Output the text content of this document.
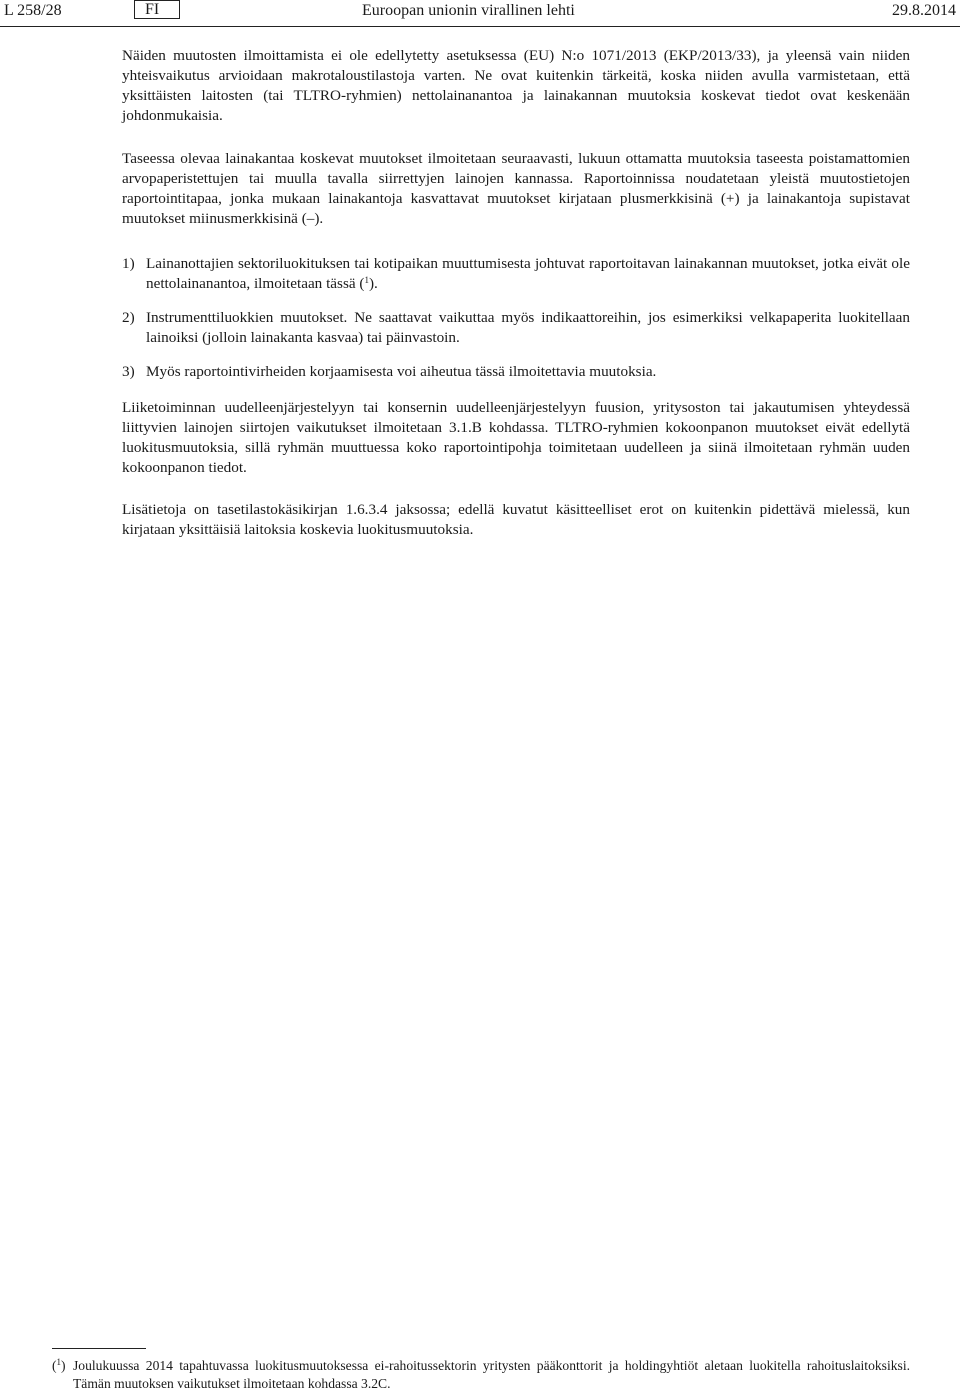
L 258/28	FI	Euroopan unionin virallinen lehti	29.8.2014
Näiden muutosten ilmoittamista ei ole edellytetty asetuksessa (EU) N:o 1071/2013 (EKP/2013/33), ja yleensä vain niiden yhteisvaikutus arvioidaan makrotaloustilastoja varten. Ne ovat kuitenkin tärkeitä, koska niiden avulla varmistetaan, että yksittäisten laitosten (tai TLTRO-ryhmien) nettolainanantoa ja lainakannan muutoksia koskevat tiedot ovat keskenään johdonmukaisia.
Taseessa olevaa lainakantaa koskevat muutokset ilmoitetaan seuraavasti, lukuun ottamatta muutoksia taseesta poistamattomien arvopaperistettujen tai muulla tavalla siirrettyjen lainojen kannassa. Raportoinnissa noudatetaan yleistä muutostietojen raportointitapaa, jonka mukaan lainakantoja kasvattavat muutokset kirjataan plusmerkkisinä (+) ja lainakantoja supistavat muutokset miinusmerkkisinä (–).
1) Lainanottajien sektoriluokituksen tai kotipaikan muuttumisesta johtuvat raportoitavan lainakannan muutokset, jotka eivät ole nettolainanantoa, ilmoitetaan tässä ($^1$).
2) Instrumenttiluokkien muutokset. Ne saattavat vaikuttaa myös indikaattoreihin, jos esimerkiksi velkapaperita luokitellaan lainoiksi (jolloin lainakanta kasvaa) tai päinvastoin.
3) Myös raportointivirheiden korjaamisesta voi aiheutua tässä ilmoitettavia muutoksia.
Liiketoiminnan uudelleenjärjestelyyn tai konsernin uudelleenjärjestelyyn fuusion, yritysoston tai jakautumisen yhteydessä liittyvien lainojen siirtojen vaikutukset ilmoitetaan 3.1.B kohdassa. TLTRO-ryhmien kokoonpanon muutokset eivät edellytä luokitusmuutoksia, sillä ryhmän muuttuessa koko raportointipohja toimitetaan uudelleen ja siinä ilmoitetaan ryhmän uuden kokoonpanon tiedot.
Lisätietoja on tasetilastokäsikirjan 1.6.3.4 jaksossa; edellä kuvatut käsitteelliset erot on kuitenkin pidettävä mielessä, kun kirjataan yksittäisiä laitoksia koskevia luokitusmuutoksia.
($^1$) Joulukuussa 2014 tapahtuvassa luokitusmuutoksessa ei-rahoitussektorin yritysten pääkonttorit ja holdingyhtiöt aletaan luokitella rahoituslaitoksiksi. Tämän muutoksen vaikutukset ilmoitetaan kohdassa 3.2C.
